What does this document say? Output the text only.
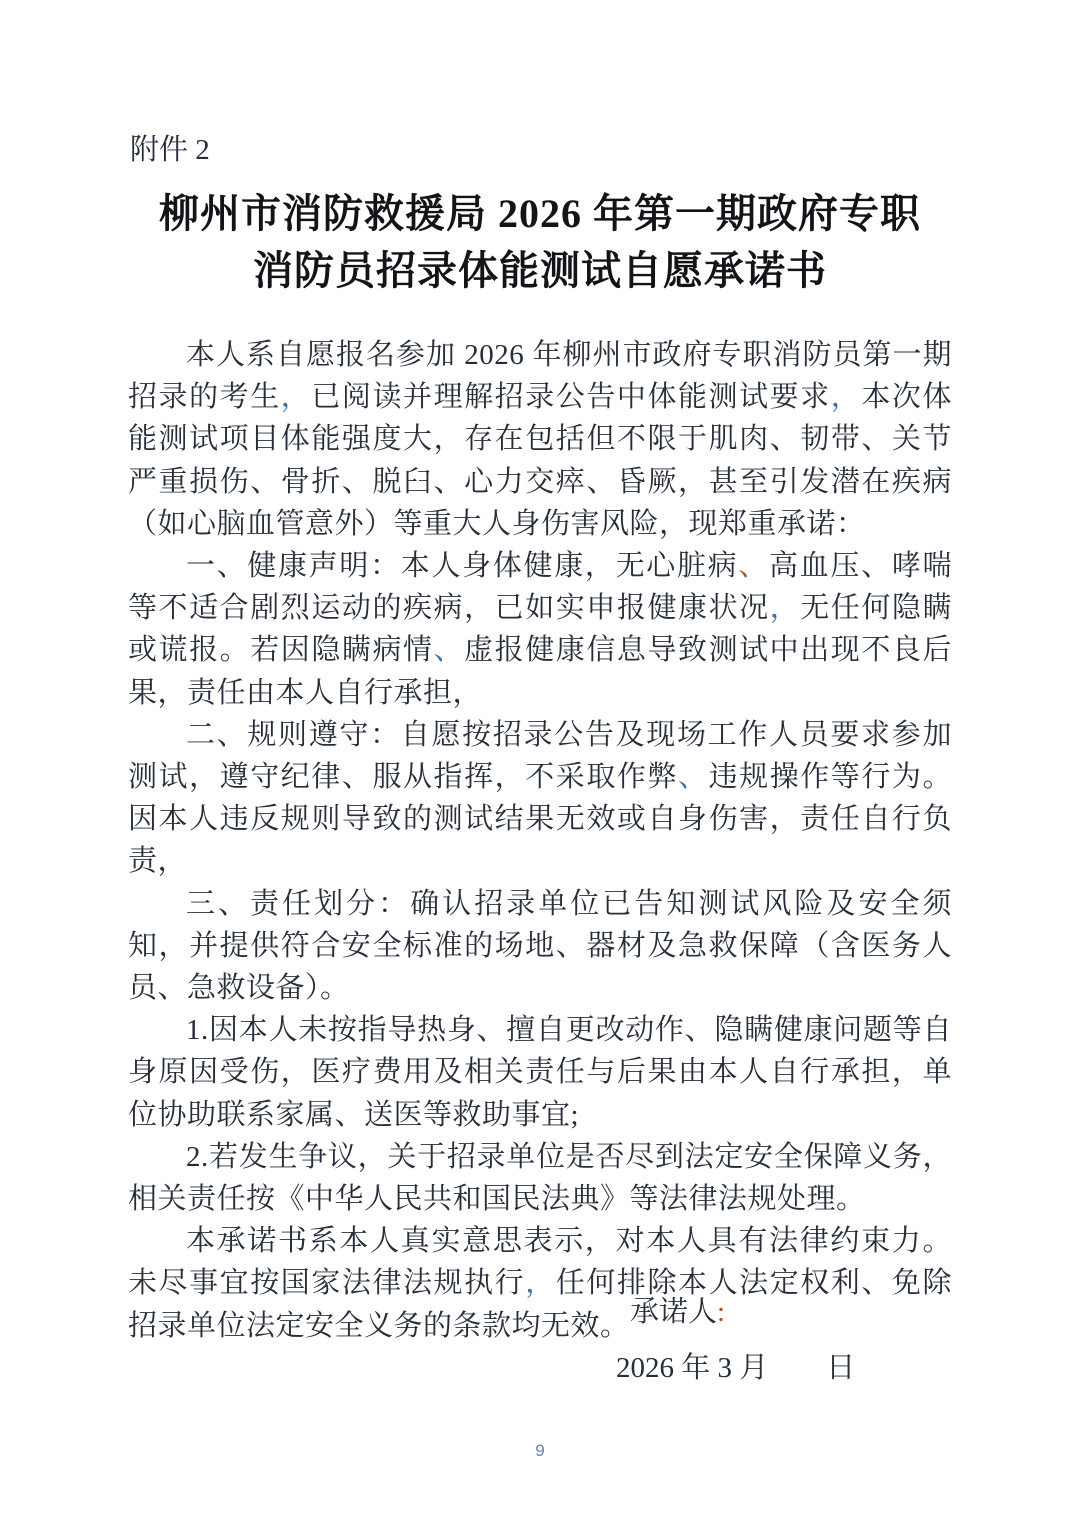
附件 2
柳州市消防救援局 2026 年第一期政府专职
消防员招录体能测试自愿承诺书

本人系自愿报名参加 2026 年柳州市政府专职消防员第一期招录的考生，已阅读并理解招录公告中体能测试要求，本次体能测试项目体能强度大，存在包括但不限于肌肉、韧带、关节严重损伤、骨折、脱臼、心力交瘁、昏厥，甚至引发潜在疾病（如心脑血管意外）等重大人身伤害风险，现郑重承诺：

一、健康声明：本人身体健康，无心脏病、高血压、哮喘等不适合剧烈运动的疾病，已如实申报健康状况，无任何隐瞒或谎报。若因隐瞒病情、虚报健康信息导致测试中出现不良后果，责任由本人自行承担，

二、规则遵守：自愿按招录公告及现场工作人员要求参加测试，遵守纪律、服从指挥，不采取作弊、违规操作等行为。因本人违反规则导致的测试结果无效或自身伤害，责任自行负责，

三、责任划分：确认招录单位已告知测试风险及安全须知，并提供符合安全标准的场地、器材及急救保障（含医务人员、急救设备）。

1.因本人未按指导热身、擅自更改动作、隐瞒健康问题等自身原因受伤，医疗费用及相关责任与后果由本人自行承担，单位协助联系家属、送医等救助事宜;

2.若发生争议，关于招录单位是否尽到法定安全保障义务，相关责任按《中华人民共和国民法典》等法律法规处理。

本承诺书系本人真实意思表示，对本人具有法律约束力。未尽事宜按国家法律法规执行，任何排除本人法定权利、免除招录单位法定安全义务的条款均无效。 承诺人:
2026 年 3 月　　日
9
